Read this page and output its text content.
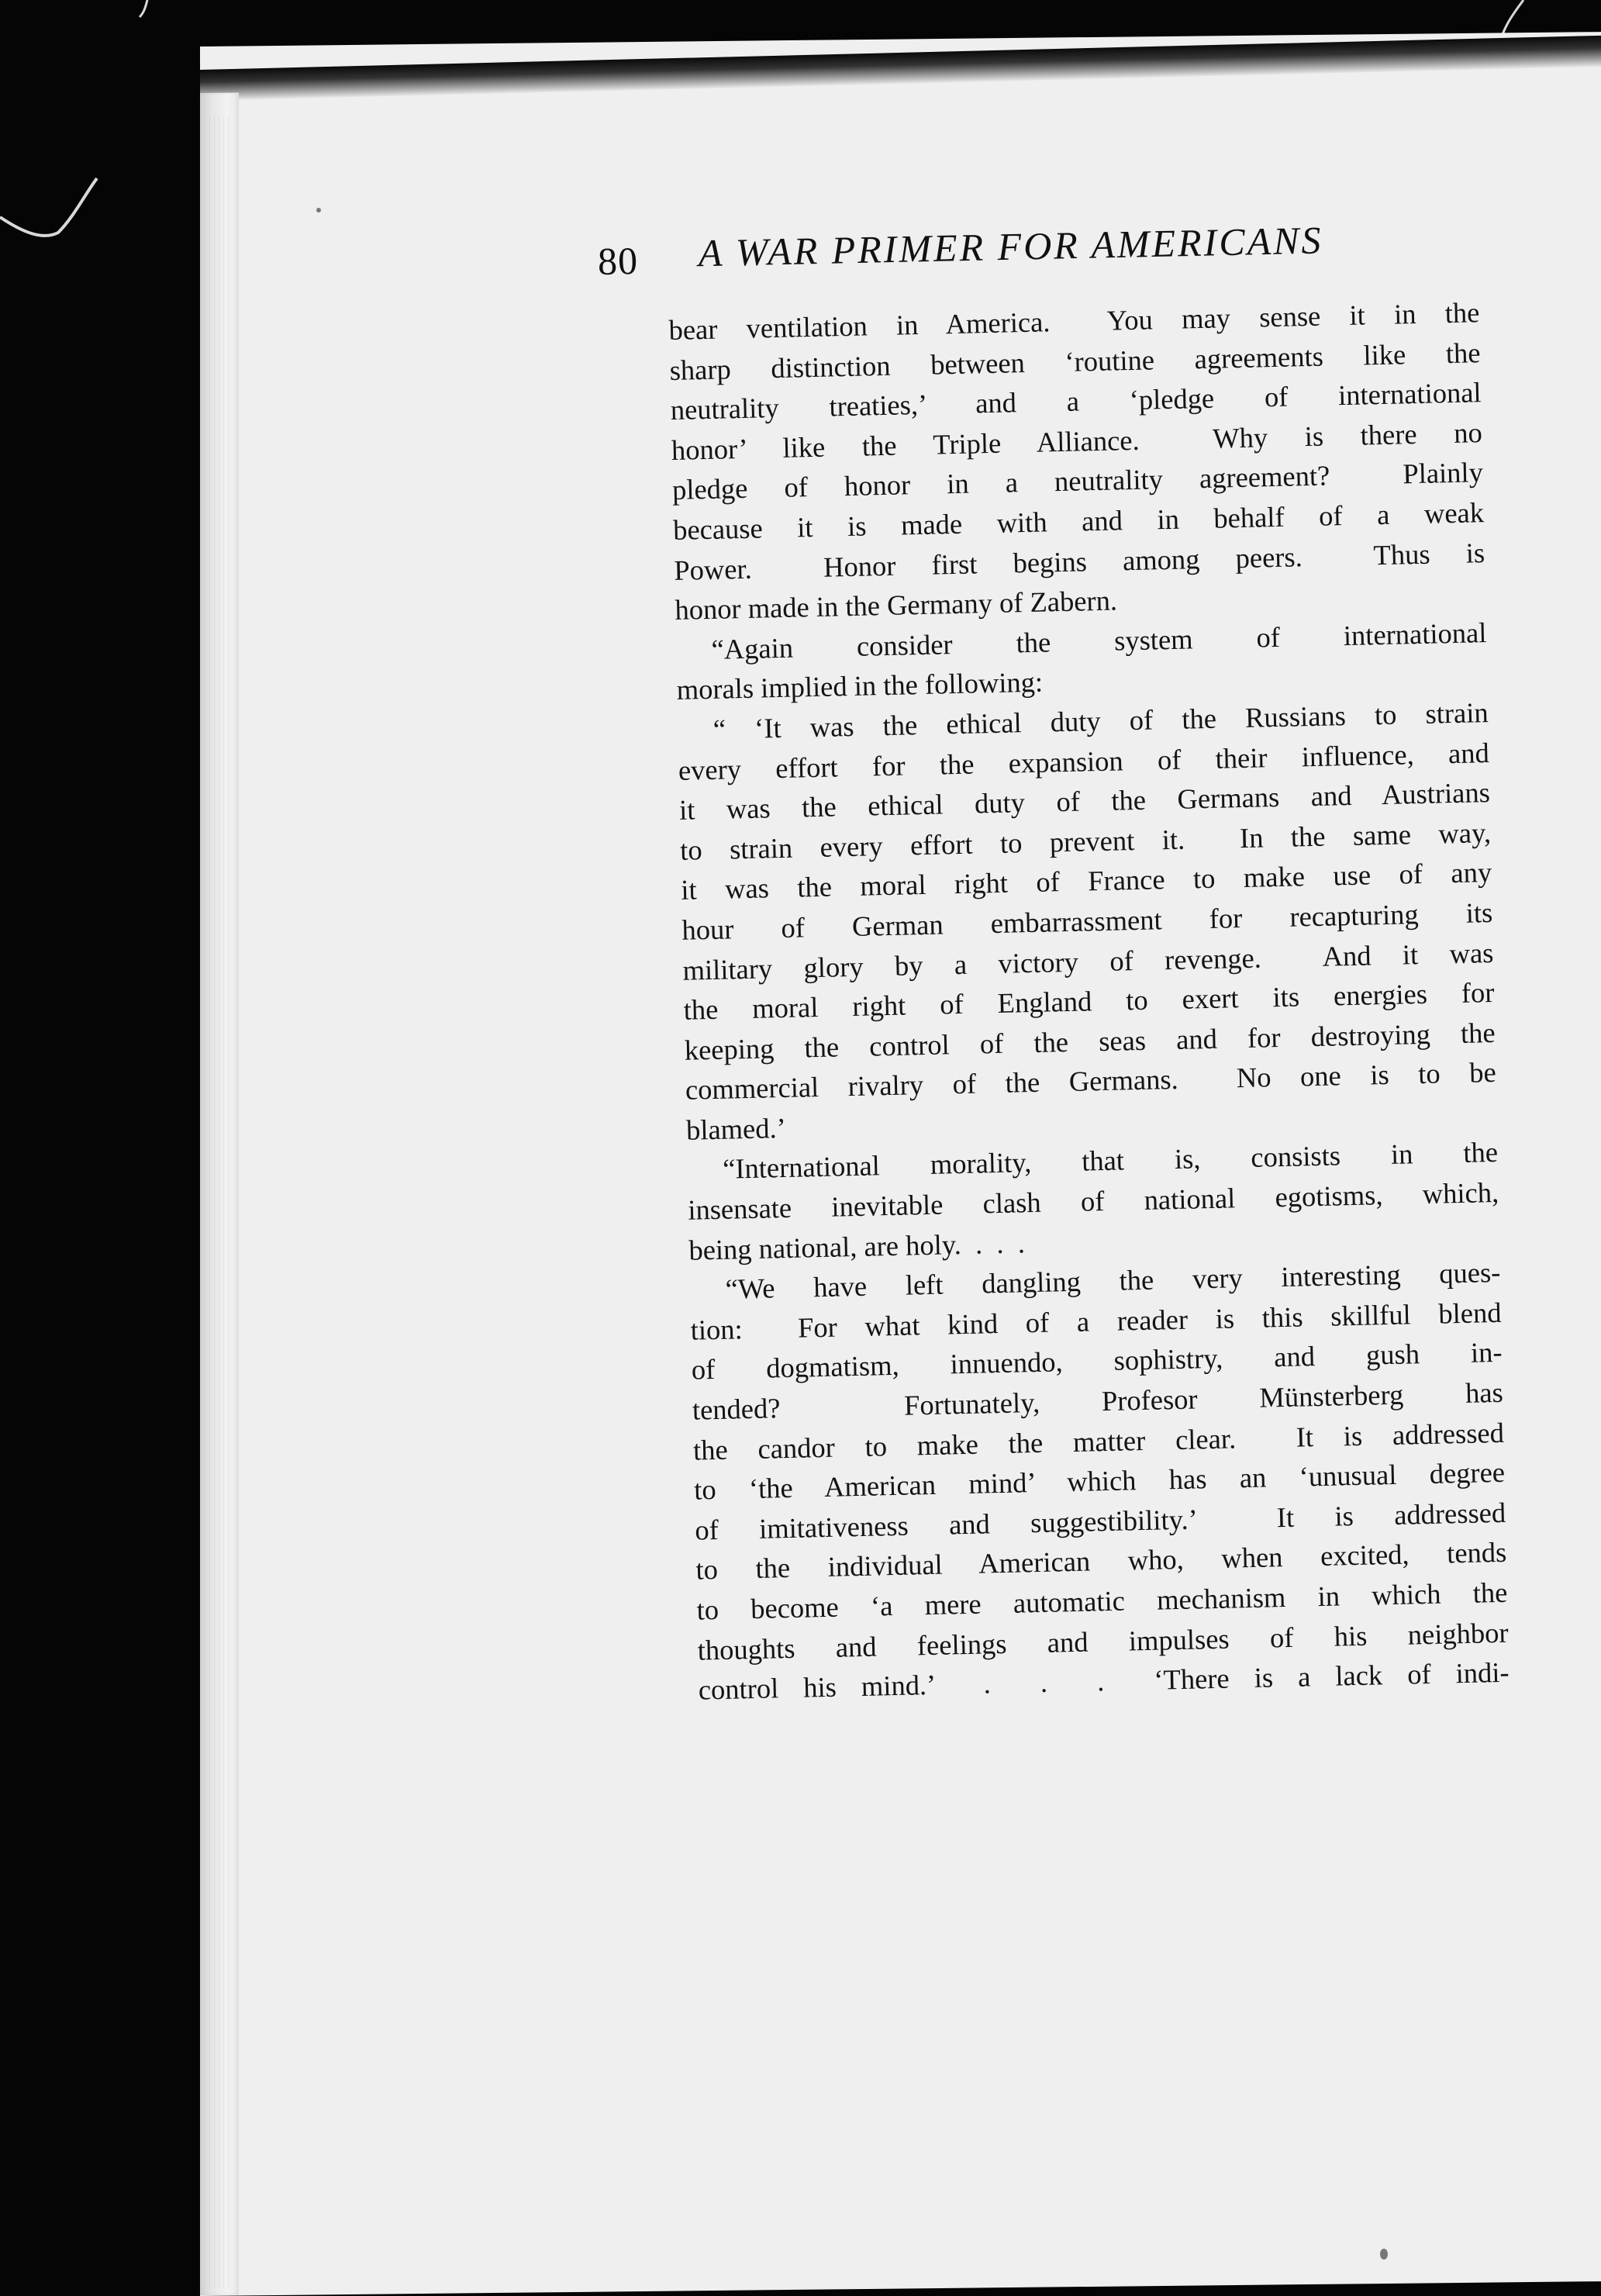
80 A WAR PRIMER FOR AMERICANS
bear ventilation in America.  You may sense it in the
sharp distinction between ‘routine agreements like the
neutrality treaties,’ and a ‘pledge of international
honor’ like the Triple Alliance.  Why is there no
pledge of honor in a neutrality agreement?  Plainly
because it is made with and in behalf of a weak
Power.  Honor first begins among peers.  Thus is
honor made in the Germany of Zabern.
“Again consider the system of international
morals implied in the following:
“ ‘It was the ethical duty of the Russians to strain
every effort for the expansion of their influence, and
it was the ethical duty of the Germans and Austrians
to strain every effort to prevent it.  In the same way,
it was the moral right of France to make use of any
hour of German embarrassment for recapturing its
military glory by a victory of revenge.  And it was
the moral right of England to exert its energies for
keeping the control of the seas and for destroying the
commercial rivalry of the Germans.  No one is to be
blamed.’
“International morality, that is, consists in the
insensate inevitable clash of national egotisms, which,
being national, are holy.  .  .  .
“We have left dangling the very interesting ques-
tion:  For what kind of a reader is this skillful blend
of dogmatism, innuendo, sophistry, and gush in-
tended?  Fortunately, Profesor Münsterberg has
the candor to make the matter clear.  It is addressed
to ‘the American mind’ which has an ‘unusual degree
of imitativeness and suggestibility.’  It is addressed
to the individual American who, when excited, tends
to become ‘a mere automatic mechanism in which the
thoughts and feelings and impulses of his neighbor
control his mind.’  .  .  .  ‘There is a lack of indi-
